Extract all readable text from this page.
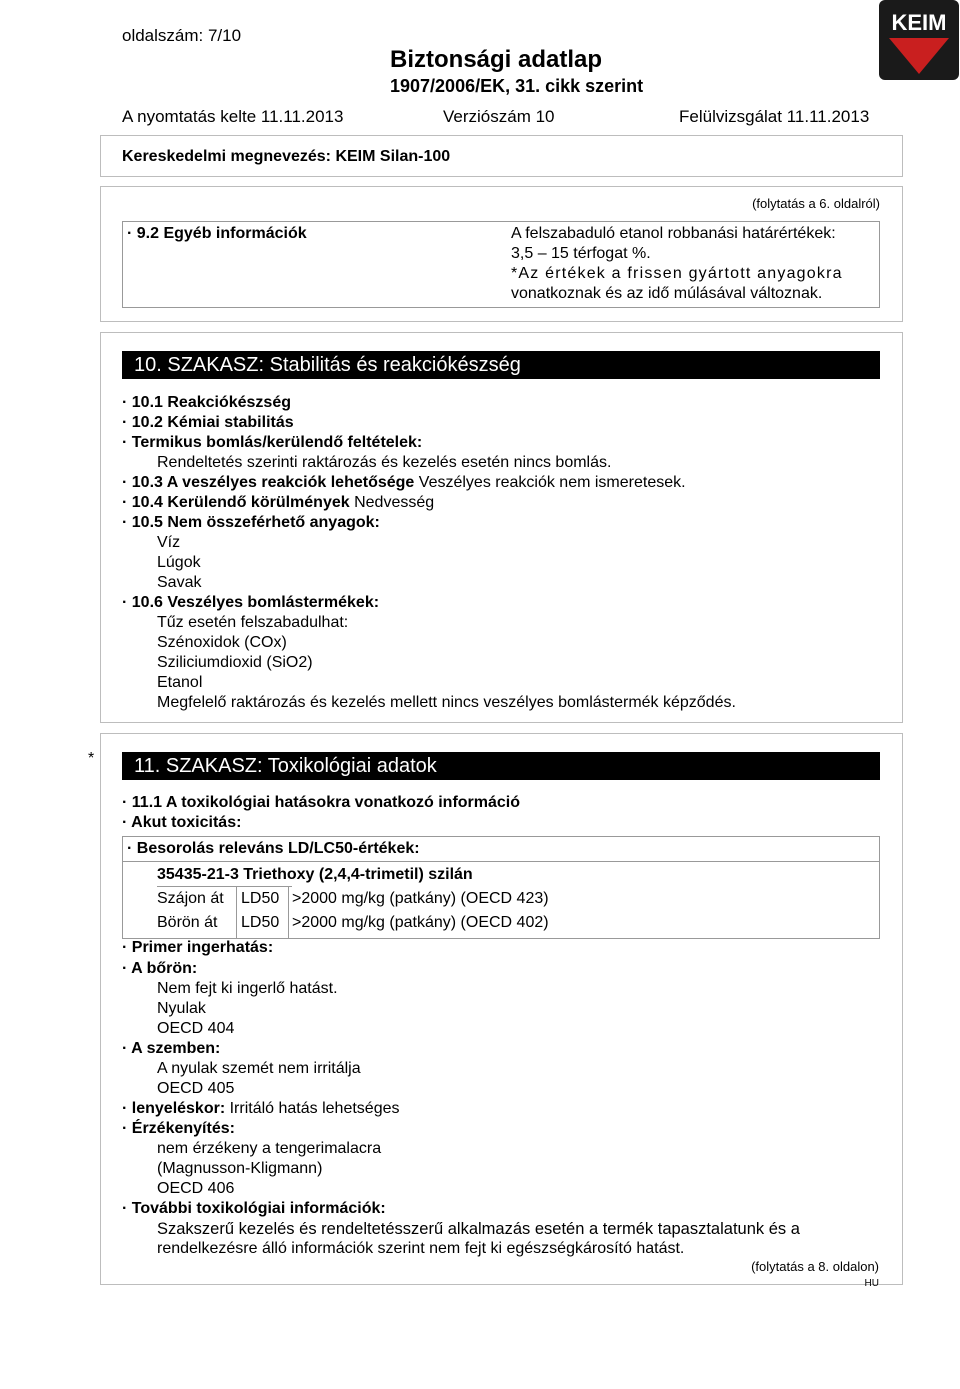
oldalszám: 7/10
Biztonsági adatlap
1907/2006/EK, 31. cikk szerint
A nyomtatás kelte 11.11.2013	Verziószám 10	Felülvizsgálat 11.11.2013
KEIM
Kereskedelmi megnevezés: KEIM Silan-100
(folytatás a 6. oldalról)
· 9.2 Egyéb információk	A felszabaduló etanol robbanási határértékek:
3,5 – 15 térfogat %.
*Az értékek a frissen gyártott anyagokra
vonatkoznak és az idő múlásával változnak.
10. SZAKASZ: Stabilitás és reakciókészség
· 10.1 Reakciókészség
· 10.2 Kémiai stabilitás
· Termikus bomlás/kerülendő feltételek:
Rendeltetés szerinti raktározás és kezelés esetén nincs bomlás.
· 10.3 A veszélyes reakciók lehetősége Veszélyes reakciók nem ismeretesek.
· 10.4 Kerülendő körülmények Nedvesség
· 10.5 Nem összeférhető anyagok:
Víz
Lúgok
Savak
· 10.6 Veszélyes bomlástermékek:
Tűz esetén felszabadulhat:
Szénoxidok (COx)
Sziliciumdioxid (SiO2)
Etanol
Megfelelő raktározás és kezelés mellett nincs veszélyes bomlástermék képződés.
* 11. SZAKASZ: Toxikológiai adatok
· 11.1 A toxikológiai hatásokra vonatkozó információ
· Akut toxicitás:
· Besorolás releváns LD/LC50-értékek:
35435-21-3 Triethoxy (2,4,4-trimetil) szilán
Szájon át LD50 >2000 mg/kg (patkány) (OECD 423)
Börön át LD50 >2000 mg/kg (patkány) (OECD 402)
· Primer ingerhatás:
· A bőrön:
Nem fejt ki ingerlő hatást.
Nyulak
OECD 404
· A szemben:
A nyulak szemét nem irritálja
OECD 405
· lenyeléskor: Irritáló hatás lehetséges
· Érzékenyítés:
nem érzékeny a tengerimalacra
(Magnusson-Kligmann)
OECD 406
· További toxikológiai információk:
Szakszerű kezelés és rendeltetésszerű alkalmazás esetén a termék tapasztalatunk és a
rendelkezésre álló információk szerint nem fejt ki egészségkárosító hatást.
(folytatás a 8. oldalon)
HU
